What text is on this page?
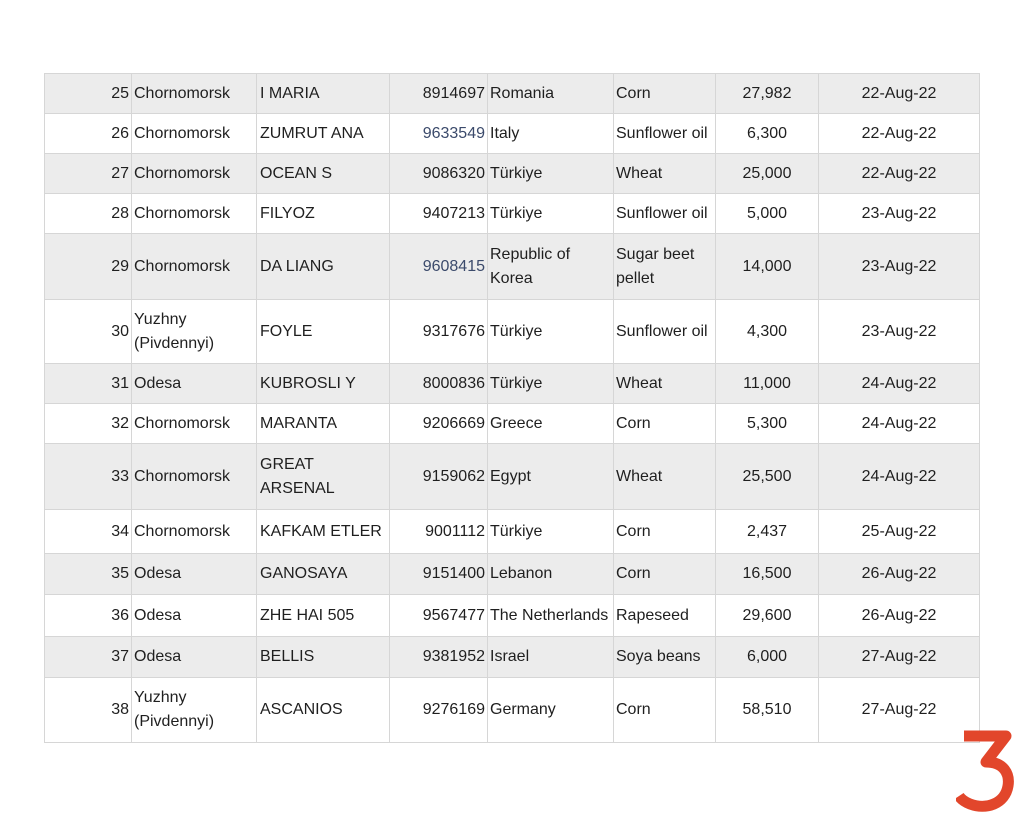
25	Chornomorsk	I MARIA	8914697	Romania	Corn	27,982	22-Aug-22
26	Chornomorsk	ZUMRUT ANA	9633549	Italy	Sunflower oil	6,300	22-Aug-22
27	Chornomorsk	OCEAN S	9086320	Türkiye	Wheat	25,000	22-Aug-22
28	Chornomorsk	FILYOZ	9407213	Türkiye	Sunflower oil	5,000	23-Aug-22
29	Chornomorsk	DA LIANG	9608415	Republic of Korea	Sugar beet pellet	14,000	23-Aug-22
30	Yuzhny (Pivdennyi)	FOYLE	9317676	Türkiye	Sunflower oil	4,300	23-Aug-22
31	Odesa	KUBROSLI Y	8000836	Türkiye	Wheat	11,000	24-Aug-22
32	Chornomorsk	MARANTA	9206669	Greece	Corn	5,300	24-Aug-22
33	Chornomorsk	GREAT ARSENAL	9159062	Egypt	Wheat	25,500	24-Aug-22
34	Chornomorsk	KAFKAM ETLER	9001112	Türkiye	Corn	2,437	25-Aug-22
35	Odesa	GANOSAYA	9151400	Lebanon	Corn	16,500	26-Aug-22
36	Odesa	ZHE HAI 505	9567477	The Netherlands	Rapeseed	29,600	26-Aug-22
37	Odesa	BELLIS	9381952	Israel	Soya beans	6,000	27-Aug-22
38	Yuzhny (Pivdennyi)	ASCANIOS	9276169	Germany	Corn	58,510	27-Aug-22
